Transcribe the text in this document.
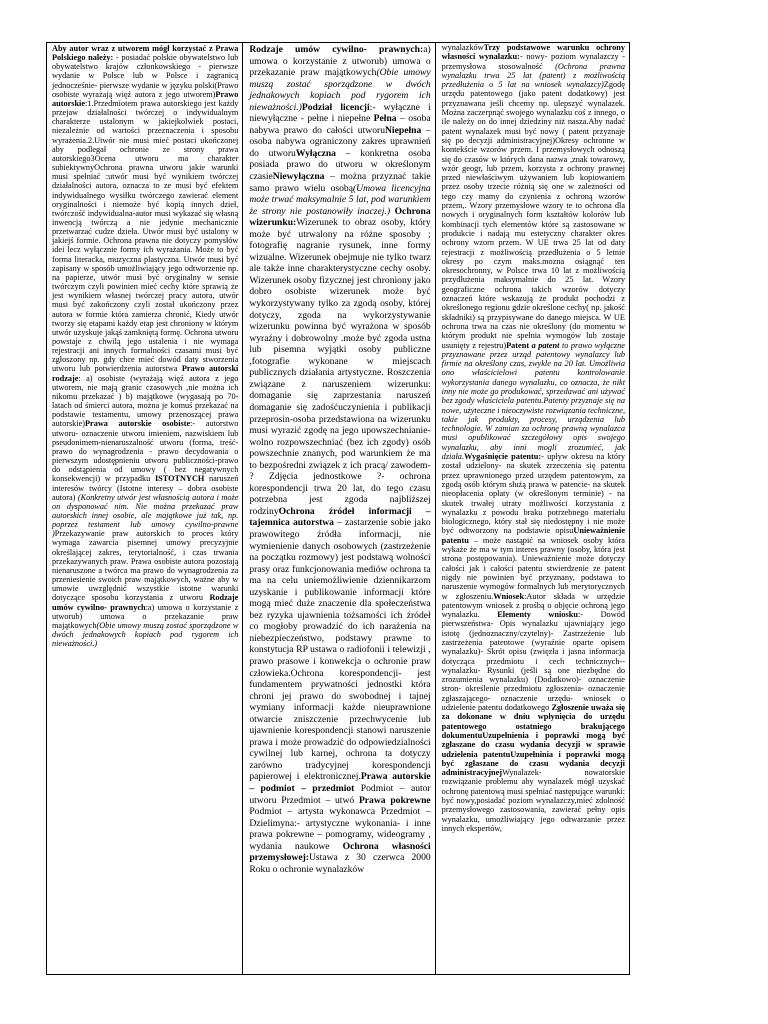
Aby autor wraz z utworem mógł korzystać z Prawa Polskiego należy: - posiadać polskie obywatelstwo lub obywatelstwo krajów członkowskiego - pierwsze wydanie w Polsce lub w Polsce i zagranicą jednocześnie- pierwsze wydanie w języku polski(Prawo osobiste wyrażają więź autora z jego utworem)Prawo autorskie:1.Przedmiotem prawa autorskiego jest każdy przejaw działalności twórczej o indywidualnym charakterze ustalonym w jakiejkolwiek postaci, niezależnie od wartości przeznaczenia i sposobu wyrażenia.2.Utwór nie musi mieć postaci ukończonej aby podlegał ochronie ze strony prawa autorskiego3Ocena utworu ma charakter subiektywnyOchrona prawna utworu jakie warunki musi spełniać :utwór musi być wynikiem twórczej działalności autora, oznacza to ze musi być efektem indywidualnego wysiłku twórczego zawierać element oryginalności i niemoże być kopią innych dzieł, twórczość indywidualna-autor musi wykazać się własną inwencją twórczą a nie jedynie mechanicznie przetwarzać cudze dzieła. Utwór musi być ustalony w jakiejś formie. Ochrona prawna nie dotyczy pomysłów idei lecz wyłącznie formy ich wyrażania. Może to być forma literacka, muzyczna plastyczna. Utwór musi być zapisany w sposób umożliwiający jego odtworzenie np. na papierze, utwór musi być oryginalny w sensie twórczym czyli powinien mieć cechy które sprawią że jest wynikiem własnej twórczej pracy autora, utwór musi być zakończony czyli został ukończony przez autora w formie która zamierza chronić, Kiedy utwór tworzy się etapami każdy etap jest chroniony w którym utwór uzyskuje jakąś zamkniętą formę. Ochrona utworu powstaje z chwilą jego ustalenia i nie wymaga rejestracji ani innych formalności czasami musi być zgłoszony np. gdy chce mieć dowód daty stworzenia utworu lub potwierdzenia autorstwa Prawo autorski rodzaje: a) osobiste (wyrażają więź autora z jego utworem, nie mają granic czasowych ,nie można ich nikomu przekazać ) b) majątkowe (wygasają po 70-latach od śmierci autora, można je komuś przekazać na podstawie testamentu, umowy przenoszącej prawa autorskie)Prawa autorskie osobiste:- autorstwo utworu- oznaczenie utworu imieniem, nazwiskiem lub pseudonimem-nienaruszalność utworu (forma, treść- prawo do wynagrodzenia - prawo decydowania o pierwszym udostępnieniu utworu publiczności-prawo do odstąpienia od umowy ( bez negatywnych konsekwencji) w przypadku ISTOTNYCH naruszeń interesów twórcy (Istotne interesy – dobra osobiste autora) (Konkretny utwór jest własnością autora i może on dysponować nim. Nie można przekazać praw autorskich innej osobie, ale majątkowe już tak, np. poprzez testament lub umowy cywilno-prawne )Przekazywanie praw autorskich to proces który wymaga zawarcia pisemnej umowy precyzyjnie określającej zakres, terytorialność, i czas trwania przekazywanych praw. Prawa osobiste autora pozostają nienaruszone a twórca ma prawo do wynagrodzenia za przeniesienie swoich praw majątkowych, ważne aby w umowie uwzględnić wszystkie istotne warunki dotyczące sposobu korzystania z utworu Rodzaje umów cywilno- prawnych:a) umowa o korzystanie z utworub) umowa o przekazanie praw majątkowych(Obie umowy muszą zostać sporządzone w dwóch jednakowych kopiach pod rygorem ich nieważności.)
Rodzaje umów cywilno- prawnych:a) umowa o korzystanie z utworub) umowa o przekazanie praw majątkowych(Obie umowy muszą zostać sporządzone w dwóch jednakowych kopiach pod rygorem ich nieważności.)Podział licencji:- wyłączne i niewyłączne - pełne i niepełne Pełna – osoba nabywa prawo do całości utworuNiepełna – osoba nabywa ograniczony zakres uprawnień do utworuWyłączna – konkretna osoba posiada prawo do utworu w określonym czasieNiewyłączna – można przyznać takie samo prawo wielu osobą(Umowa licencyjna może trwać maksymalnie 5 lat, pod warunkiem że strony nie postanowiły inaczej.) Ochrona wizerunku:Wizerunek to obraz osoby, który może być utrwalony na różne sposoby ; fotografię nagranie rysunek, inne formy wizualne. Wizerunek obejmuje nie tylko twarz ale także inne charakterystyczne cechy osoby. Wizerunek osoby fizycznej jest chroniony jako dobro osobiste wizerunek może być wykorzystywany tylko za zgodą osoby, której dotyczy, zgoda na wykorzystywanie wizerunku powinna być wyrażona w sposób wyraźny i dobrowolny .może być zgoda ustna lub pisemna wyjątki osoby publiczne ,fotografie wykonane w miejscach publicznych działania artystyczne. Roszczenia związane z naruszeniem wizerunku: domaganie się zaprzestania naruszeń domaganie się zadośćuczynienia i publikacji przeprosin-osoba przedstawiona na wizerunku musi wyrazić zgodę na jego upowszechnianie-wolno rozpowszechniać (bez ich zgody) osób powszechnie znanych, pod warunkiem że ma to bezpośredni związek z ich pracą/ zawodem- ? Zdjęcia jednostkowe ?- ochrona korespondencji trwa 20 lat, do tego czasu potrzebna jest zgoda najbliższej rodzinyOchrona źródeł informacji – tajemnica autorstwa – zastarzenie sobie jako prawowitego źródła informacji, nie wymienienie danych osobowych (zastrzeżenie na początku rozmowy) jest podstawą wolności prasy oraz funkcjonowania mediów ochrona ta ma na celu uniemożliwienie dziennikarzom uzyskanie i publikowanie informacji które mogą mieć duże znaczenie dla społeczeństwa bez ryzyka ujawnienia tożsamości ich źródeł co mogłoby prowadzić do ich narażenia na niebezpieczeństwo, podstawy prawne to konstytucja RP ustawa o radiofonii i telewizji , prawo prasowe i konwekcja o ochronie praw człowieka.Ochrona korespondencji- jest fundamentem prywatności jednostki która chroni jej prawo do swobodnej i tajnej wymiany informacji każde nieuprawnione otwarcie zniszczenie przechwycenie lub ujawnienie korespondencji stanowi naruszenie prawa i może prowadzić do odpowiedzialności cywilnej lub karnej, ochrona ta dotyczy zarówno tradycyjnej korespondencji papierowej i elektronicznej.Prawa autorskie – podmiot – przedmiot Podmiot – autor utworu Przedmiot – utwó Prawa pokrewne Podmiot – artysta wykonawca Przedmiot – Dzielimyna:- artystyczne wykonania- i inne prawa pokrewne – pomogramy, wideogramy , wydania naukowe Ochrona własności przemysłowej:Ustawa z 30 czerwca 2000 Roku o ochronie wynalazków
wynalazkówTrzy podstawowe warunku ochrony własności wynalazku:- nowy- poziom wynalazczy -przemysłowa stosowalność (Ochrona prawna wynalazku trwa 25 lat (patent) z możliwością przedłużenia o 5 lat na wniosek wynalazcy)Zgodę urzędu patentowego (jako patent dodatkowy) jest przyznawana jeśli chcemy np. ulepszyć wynalazek. Można zaczerpnąć swojego wynalazku coś z innego, o ile należy on do innej dziedziny niż nasza.Aby nadać patent wynalazek musi być nowy ( patent przyznaje się po decyzji administracyjnej)Okresy ochronne w kontekście wzorów przem. I przemysłowych odnoszą się do czasów w których dana nazwa ,znak towarowy, wzór geogr, lub przem, korzysta z ochrony prawnej przed niewłaściwym używaniem lub kopiowaniem przez osoby trzecie różnią się one w zależności od tego czy mamy do czynienia z ochroną wzorów przem,. Wzory przemysłowe wzory te to ochrona dla nowych i oryginalnych form kształtów kolorów lub kombinacji tych elementów które są zastosowane w produkcie i nadają mu estetyczny charakter okres ochrony wzorn przem. W UE trwa 25 lat od daty rejestracji z możliwością przedłużenia o 5 letnie okresy po czym maks.mozna osiągnąć ten okresochronny, w Polsce trwa 10 lat z możliwością przydłużenia maksymalnie do 25 lat. Wzory geograficzne ochrona takich wzorów dotyczy oznaczeń które wskazują że produkt pochodzi z określonego regionu gdzie określone cechy( np. jakość składniki) są przypisywane do danego miejsca. W UE ochrona trwa na czas nie określony (do momentu w którym produkt nie spełnia wymogów lub zostaje usunięty z rejestru)Patent a patent to prawo wyłączne przyznawane przez urząd patentowy wynalazcy lub firmie na określony czas, zwykle na 20 lat. Umożliwia ono właścicielowi patentu kontrolowanie wykorzystania danego wynalazku, co oznacza, że nikt inny nie może go produkować, sprzedawać ani używać bez zgody właściciela patentu.Patenty przyznaje się na nowe, użyteczne i nieoczywiste rozwiązania techniczne, takie jak produkty, procesy, urządzenia lub technologie. W zamian za ochronę prawną wynalazca musi opublikować szczegółowy opis swojego wynalazku, aby inni mogli zrozumieć, jak działa.Wygaśnięcie patentu:- upływ okresu na który został udzielony- na skutek zrzeczenia się patentu przez uprawnionego przed urzędem patentowym, za zgodą osób którym służą prawa w patencie- na skutek nieopłacenia opłaty (w określonym terminie) - na skutek trwałej utraty możliwości korzystania z wynalazku z powodu braku potrzebnego materiału biologicznego, który stał się niedostępny i nie może być odtworzony na podstawie opisuUnieważnienie patentu – może nastąpić na wniosek osoby która wykaże że ma w tym interes prawny (osoby, która jest strona postępowania). Unieważnienie może dotyczy całości jak i całości patentu stwierdzenie ze patent nigdy nie powinien być przyznany, podstawa to naruszenie wymogów formalnych lub merytorycznych w zgłoszeniu.Wniosek:Autor składa w urzędzie patentowym wniosek z prośbą o objęcie ochroną jego wynalazku. Elementy wniosku:- Dowód pierwszeństwa- Opis wynalazku ujawniający jego istotę (jednoznaczny/czytelny)- Zastrzeżenie lub zastrzeżenia patentowe (wyraźnie oparte opisem wynalazku)- Skrót opisu (zwięzła i jasna informacja dotycząca przedmiotu i cech technicznych--wynalazku- Rysunki (jeśli są one niezbędne do zrozumienia wynalazku) (Dodatkowo)- oznaczenie stron- określenie przedmiotu zgłoszenia- oznaczenie zgłaszającego- oznaczenie urzędu- wniosek o udzielenie patentu dodatkowego Zgłoszenie uważa się za dokonane w dniu wpłynięcia do urzędu patentowego ostatniego brakującego dokumentuUzupełnienia i poprawki mogą być zgłaszane do czasu wydania decyzji w sprawie udzielenia patentuUzupełninia i poprawki mogą być zgłaszane do czasu wydania decyzji administracyjnejWynalazek- nowatorskie rozwiązanie problemu aby wynalazek mógł uzyskać ochronę patentową musi spełniać następujące warunki: być nowy,posiadać poziom wynalazczy,mieć zdolność przemysłowego zastosowania, zawierać pełny opis wynalazku, umożliwiający jego odtwarzanie przez innych ekspertów,
